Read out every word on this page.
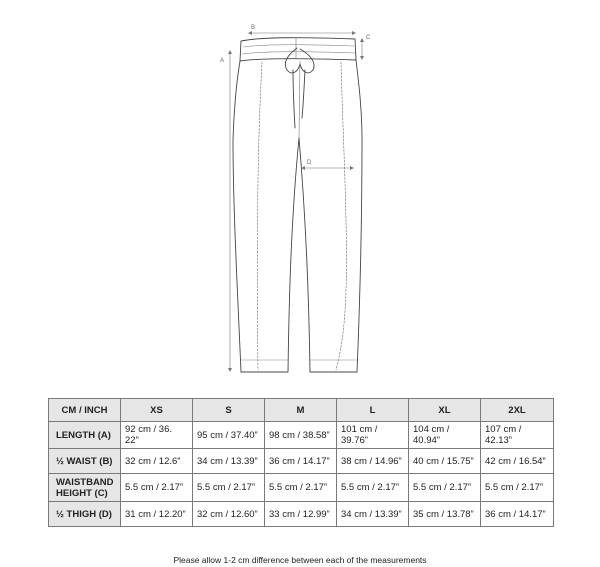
A
B
C
D
CM / INCH	XS	S	M	L	XL	2XL
LENGTH (A)	92 cm / 36. 22”	95 cm / 37.40”	98 cm / 38.58”	101 cm / 39.76”	104 cm / 40.94”	107 cm / 42.13”
½ WAIST (B)	32 cm / 12.6”	34 cm / 13.39”	36 cm / 14.17”	38 cm / 14.96”	40 cm / 15.75”	42 cm / 16.54”
WAISTBAND HEIGHT (C)	5.5 cm / 2.17”	5.5 cm / 2.17”	5.5 cm / 2.17”	5.5 cm / 2.17”	5.5 cm / 2.17”	5.5 cm / 2.17”
½ THIGH (D)	31 cm / 12.20”	32 cm / 12.60”	33 cm / 12.99”	34 cm / 13.39”	35 cm / 13.78”	36 cm / 14.17”
Please allow 1-2 cm difference between each of the measurements
